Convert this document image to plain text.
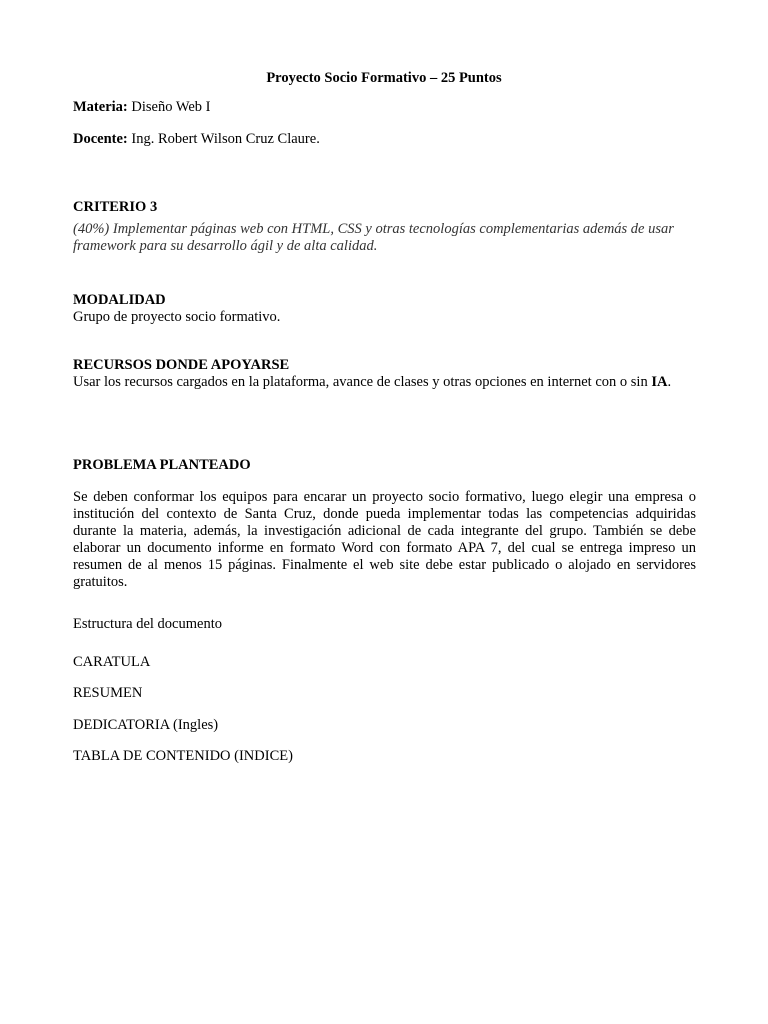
Proyecto Socio Formativo – 25 Puntos
Materia: Diseño Web I
Docente: Ing. Robert Wilson Cruz Claure.
CRITERIO 3
(40%) Implementar páginas web con HTML, CSS y otras tecnologías complementarias además de usar framework para su desarrollo ágil y de alta calidad.
MODALIDAD
Grupo de proyecto socio formativo.
RECURSOS DONDE APOYARSE
Usar los recursos cargados en la plataforma, avance de clases y otras opciones en internet con o sin IA.
PROBLEMA PLANTEADO
Se deben conformar los equipos para encarar un proyecto socio formativo, luego elegir una empresa o institución del contexto de Santa Cruz, donde pueda implementar todas las competencias adquiridas durante la materia, además, la investigación adicional de cada integrante del grupo. También se debe elaborar un documento informe en formato Word con formato APA 7, del cual se entrega impreso un resumen de al menos 15 páginas. Finalmente el web site debe estar publicado o alojado en servidores gratuitos.
Estructura del documento
CARATULA
RESUMEN
DEDICATORIA (Ingles)
TABLA DE CONTENIDO (INDICE)
